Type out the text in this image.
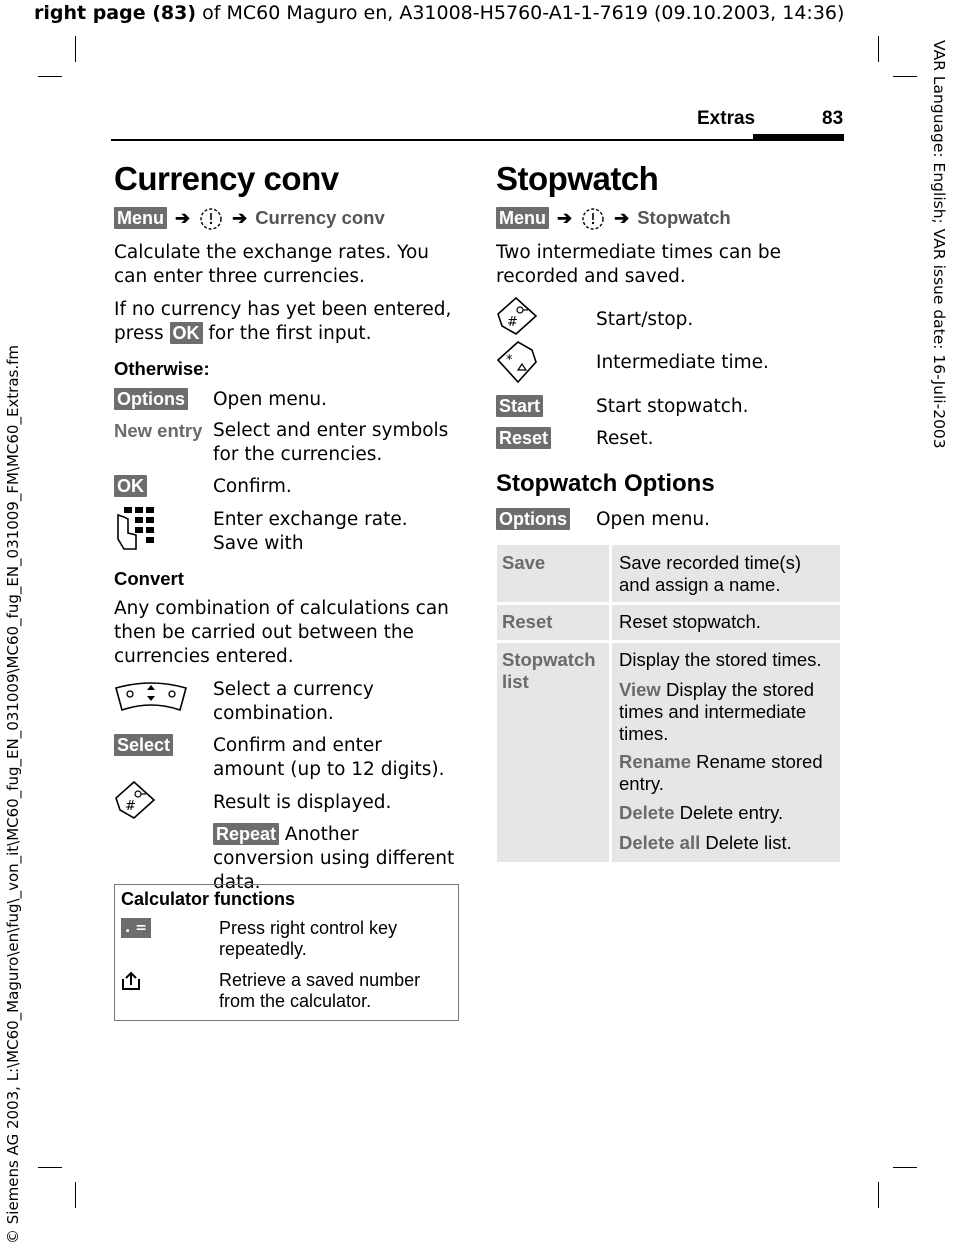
right page (83) of MC60 Maguro en, A31008-H5760-A1-1-7619 (09.10.2003, 14:36)
VAR Language: English; VAR issue date: 16-Juli-2003
© Siemens AG 2003, L:\MC60_Maguro\en\fug\_von_it\MC60_fug_EN_031009\MC60_fug_EN_031009_FM\MC60_Extras.fm
Extras	83
Currency conv
Menu ➔ ➔ Currency conv
Calculate the exchange rates. You can enter three currencies.
If no currency has yet been entered, press OK for the first input.
Otherwise:
Options Open menu.
New entry Select and enter symbols for the currencies.
OK	Confirm.
Enter exchange rate. Save with
Convert
Any combination of calculations can then be carried out between the currencies entered.
Select a currency combination.
Select Confirm and enter amount (up to 12 digits).
#	Result is displayed.
Repeat Another conversion using different data.
Calculator functions
. =	Press right control key repeatedly.
Retrieve a saved number from the calculator.
Stopwatch
Menu ➔ ➔ Stopwatch
Two intermediate times can be recorded and saved.
#	Start/stop.
*	Intermediate time.
Start	Start stopwatch.
Reset	Reset.
Stopwatch Options
Options Open menu.
Save	Save recorded time(s) and assign a name.
Reset	Reset stopwatch.
Stopwatch list
Display the stored times.
View Display the stored times and intermediate times.
Rename Rename stored entry.
Delete Delete entry.
Delete all Delete list.
